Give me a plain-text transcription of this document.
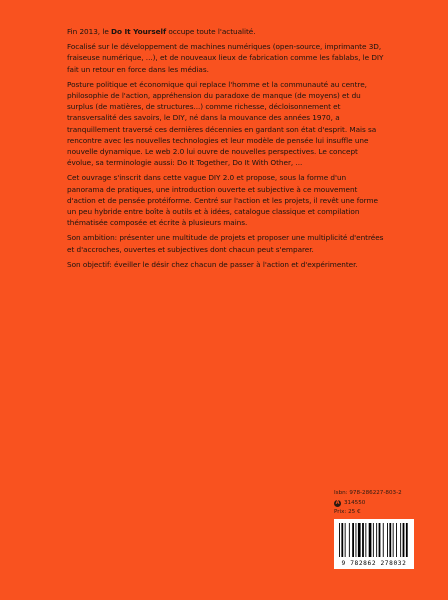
Fin 2013, le Do It Yourself occupe toute l'actualité.

Focalisé sur le développement de machines numériques (open-source, imprimante 3D, fraiseuse numérique, ...), et de nouveaux lieux de fabrication comme les fablabs, le DIY fait un retour en force dans les médias.

Posture politique et économique qui replace l'homme et la communauté au centre, philosophie de l'action, appréhension du paradoxe de manque (de moyens) et du surplus (de matières, de structures...) comme richesse, décloisonnement et transversalité des savoirs, le DIY, né dans la mouvance des années 1970, a tranquillement traversé ces dernières décennies en gardant son état d'esprit. Mais sa rencontre avec les nouvelles technologies et leur modèle de pensée lui insuffle une nouvelle dynamique. Le web 2.0 lui ouvre de nouvelles perspectives. Le concept évolue, sa terminologie aussi: Do It Together, Do It With Other, ...

Cet ouvrage s'inscrit dans cette vague DIY 2.0 et propose, sous la forme d'un panorama de pratiques, une introduction ouverte et subjective à ce mouvement d'action et de pensée protéiforme. Centré sur l'action et les projets, il revêt une forme un peu hybride entre boîte à outils et à idées, catalogue classique et compilation thématisée composée et écrite à plusieurs mains.

Son ambition: présenter une multitude de projets et proposer une multiplicité d'entrées et d'accroches, ouvertes et subjectives dont chacun peut s'emparer.

Son objectif: éveiller le désir chez chacun de passer à l'action et d'expérimenter.

Isbn: 978-286227-803-2
A 314550
Prix: 25 €
9 782862 278032
